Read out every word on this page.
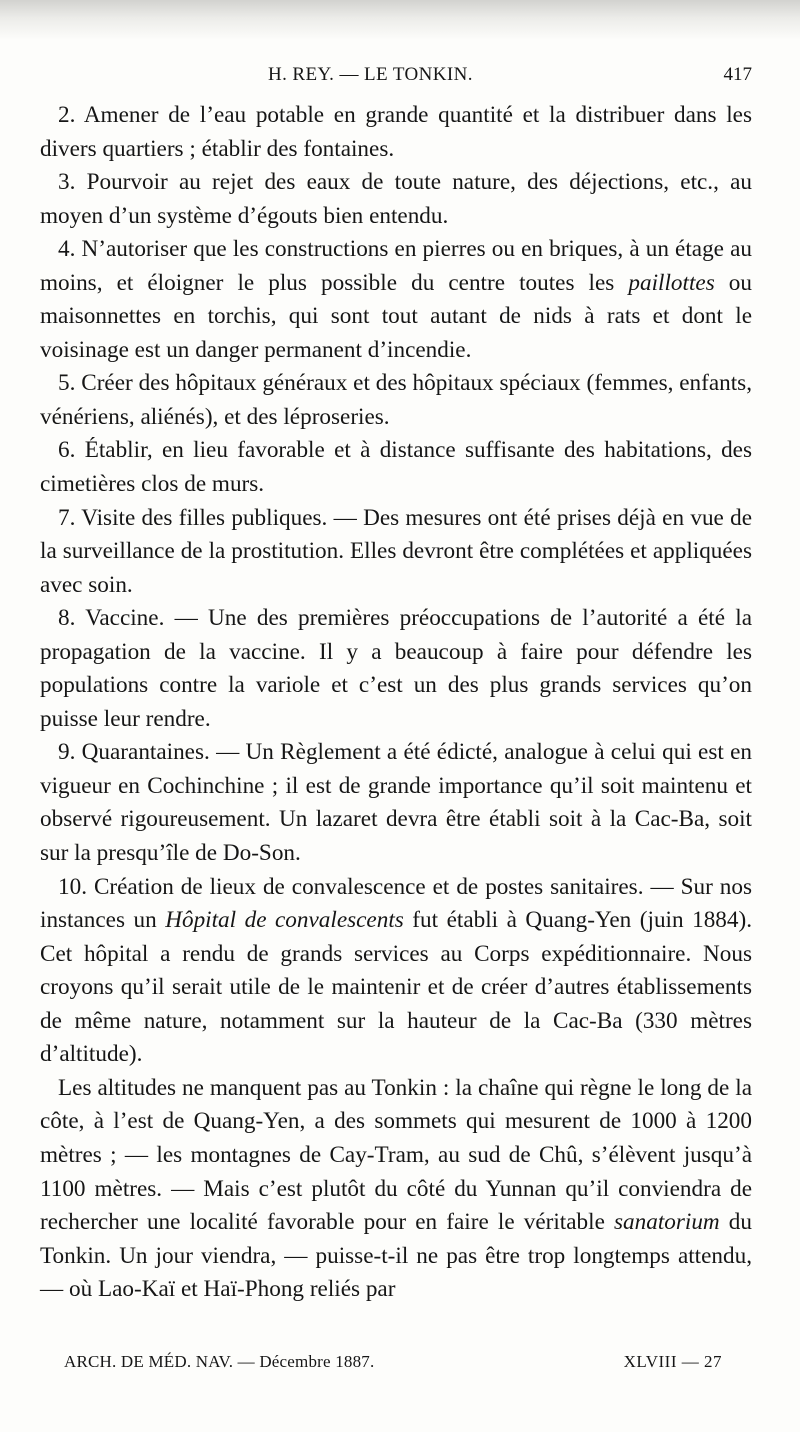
H. REY. — LE TONKIN.	417

2. Amener de l’eau potable en grande quantité et la distribuer dans les divers quartiers ; établir des fontaines.

3. Pourvoir au rejet des eaux de toute nature, des déjections, etc., au moyen d’un système d’égouts bien entendu.

4. N’autoriser que les constructions en pierres ou en briques, à un étage au moins, et éloigner le plus possible du centre toutes les paillottes ou maisonnettes en torchis, qui sont tout autant de nids à rats et dont le voisinage est un danger permanent d’incendie.

5. Créer des hôpitaux généraux et des hôpitaux spéciaux (femmes, enfants, vénériens, aliénés), et des léproseries.

6. Établir, en lieu favorable et à distance suffisante des habitations, des cimetières clos de murs.

7. Visite des filles publiques. — Des mesures ont été prises déjà en vue de la surveillance de la prostitution. Elles devront être complétées et appliquées avec soin.

8. Vaccine. — Une des premières préoccupations de l’autorité a été la propagation de la vaccine. Il y a beaucoup à faire pour défendre les populations contre la variole et c’est un des plus grands services qu’on puisse leur rendre.

9. Quarantaines. — Un Règlement a été édicté, analogue à celui qui est en vigueur en Cochinchine ; il est de grande importance qu’il soit maintenu et observé rigoureusement. Un lazaret devra être établi soit à la Cac-Ba, soit sur la presqu’île de Do-Son.

10. Création de lieux de convalescence et de postes sanitaires. — Sur nos instances un Hôpital de convalescents fut établi à Quang-Yen (juin 1884). Cet hôpital a rendu de grands services au Corps expéditionnaire. Nous croyons qu’il serait utile de le maintenir et de créer d’autres établissements de même nature, notamment sur la hauteur de la Cac-Ba (330 mètres d’altitude).

Les altitudes ne manquent pas au Tonkin : la chaîne qui règne le long de la côte, à l’est de Quang-Yen, a des sommets qui mesurent de 1000 à 1200 mètres ; — les montagnes de Cay-Tram, au sud de Chû, s’élèvent jusqu’à 1100 mètres. — Mais c’est plutôt du côté du Yunnan qu’il conviendra de rechercher une localité favorable pour en faire le véritable sanatorium du Tonkin. Un jour viendra, — puisse-t-il ne pas être trop longtemps attendu, — où Lao-Kaï et Haï-Phong reliés par

ARCH. DE MÉD. NAV. — Décembre 1887.	XLVIII — 27
